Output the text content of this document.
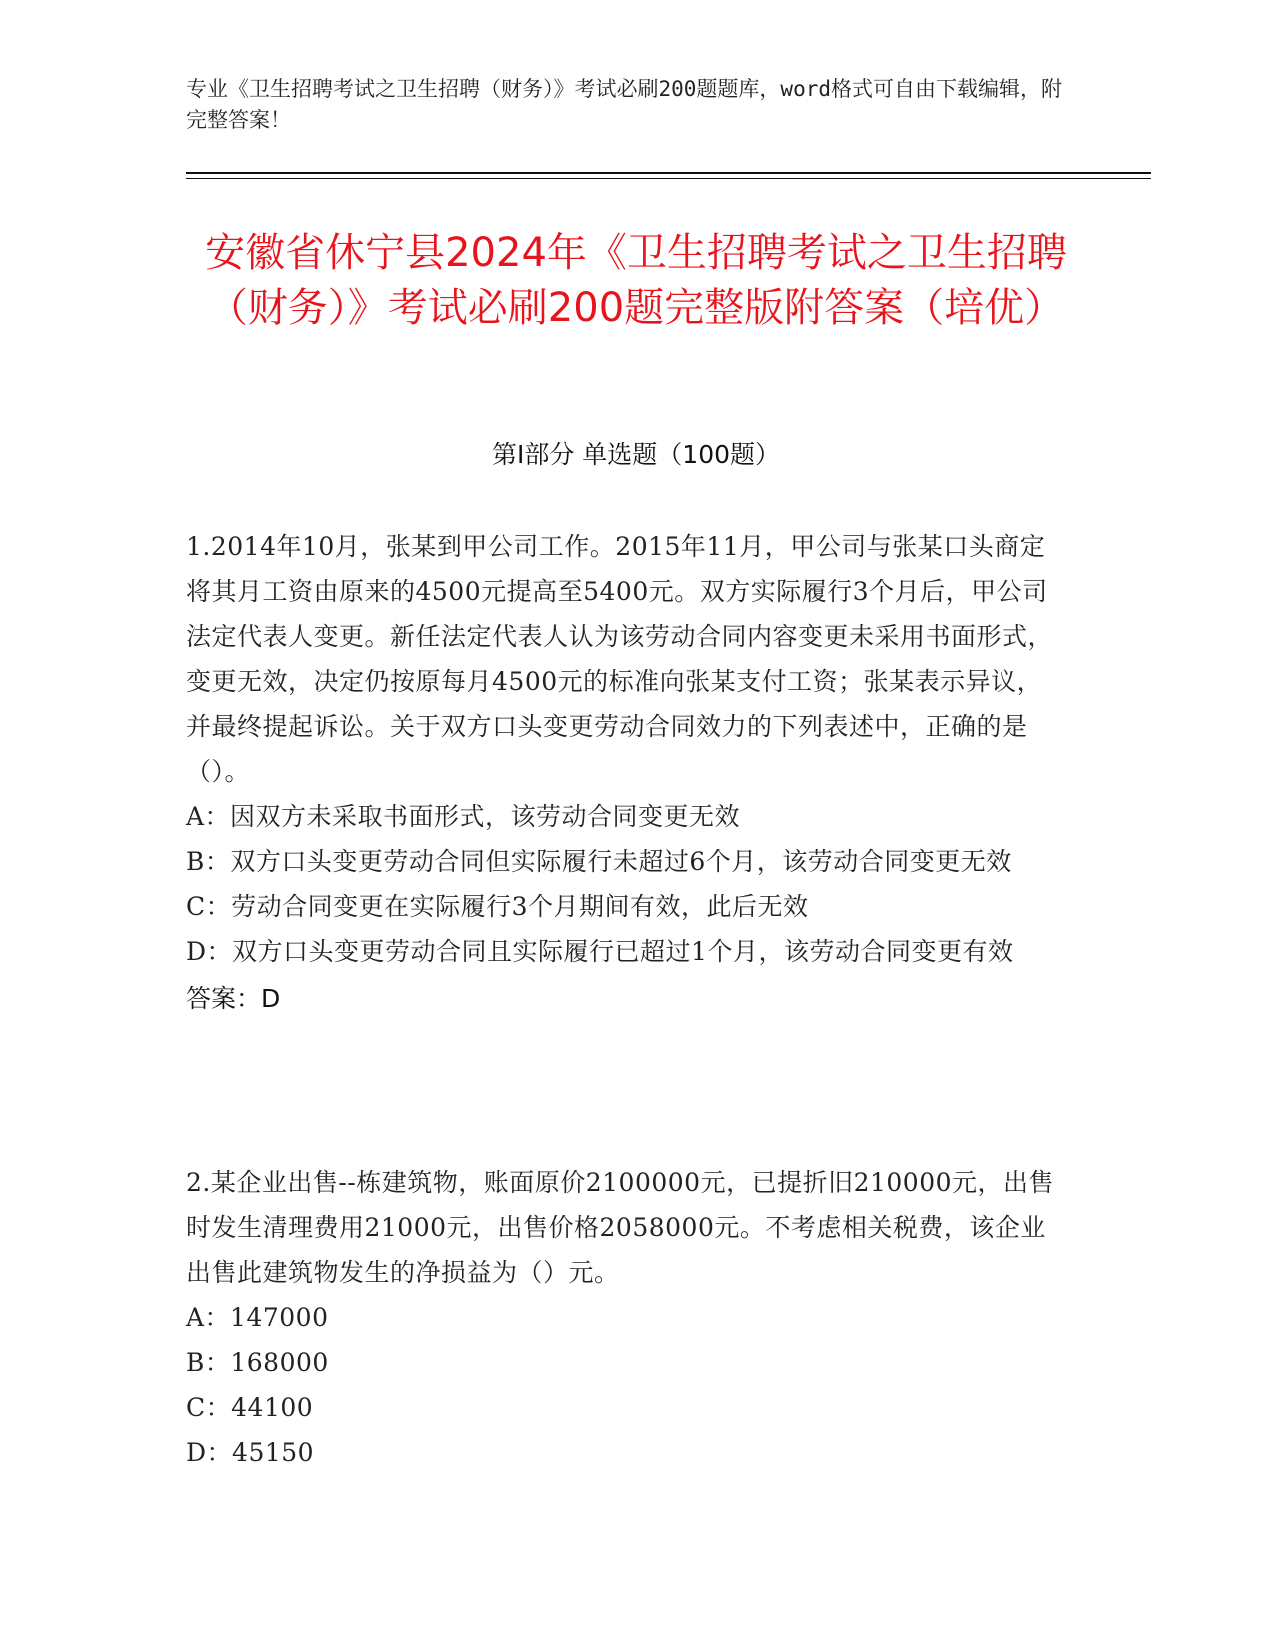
专业《卫生招聘考试之卫生招聘（财务）》考试必刷200题题库，word格式可自由下载编辑，附完整答案！
安徽省休宁县2024年《卫生招聘考试之卫生招聘（财务）》考试必刷200题完整版附答案（培优）
第I部分 单选题（100题）
1.2014年10月，张某到甲公司工作。2015年11月，甲公司与张某口头商定将其月工资由原来的4500元提高至5400元。双方实际履行3个月后，甲公司法定代表人变更。新任法定代表人认为该劳动合同内容变更未采用书面形式，变更无效，决定仍按原每月4500元的标准向张某支付工资；张某表示异议，并最终提起诉讼。关于双方口头变更劳动合同效力的下列表述中，正确的是（）。
A：因双方未采取书面形式，该劳动合同变更无效
B：双方口头变更劳动合同但实际履行未超过6个月，该劳动合同变更无效
C：劳动合同变更在实际履行3个月期间有效，此后无效
D：双方口头变更劳动合同且实际履行已超过1个月，该劳动合同变更有效
答案：D
2.某企业出售--栋建筑物，账面原价2100000元，已提折旧210000元，出售时发生清理费用21000元，出售价格2058000元。不考虑相关税费，该企业出售此建筑物发生的净损益为（）元。
A：147000
B：168000
C：44100
D：45150
